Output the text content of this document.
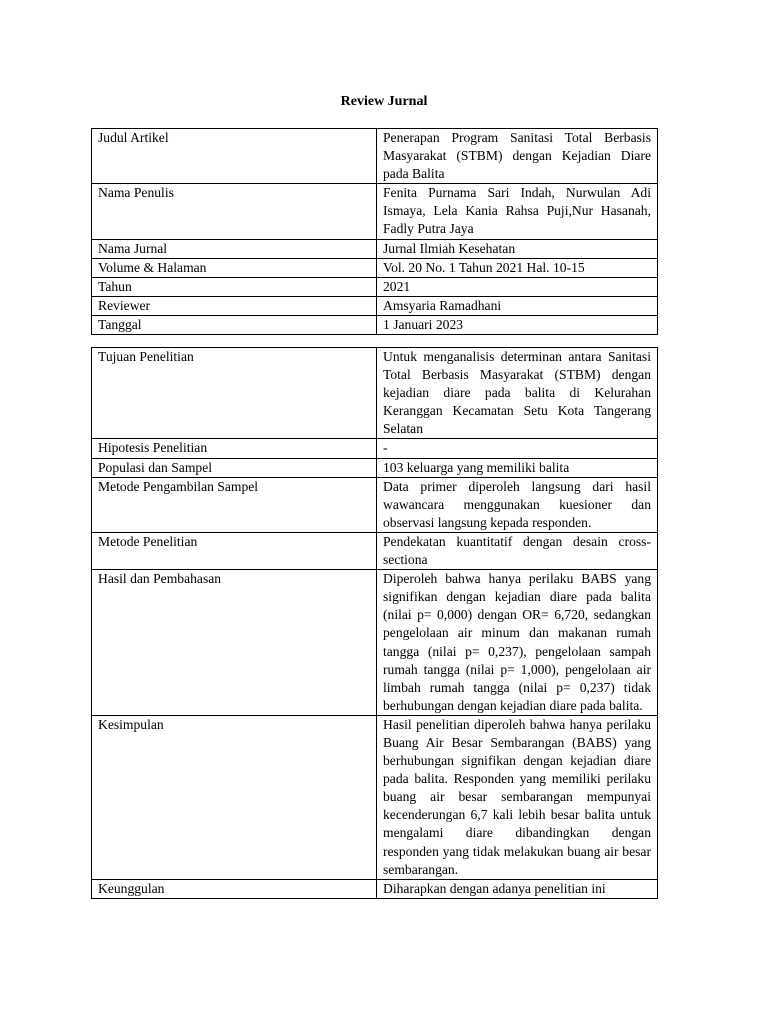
Review Jurnal
Judul Artikel	Penerapan Program Sanitasi Total Berbasis Masyarakat (STBM) dengan Kejadian Diare pada Balita
Nama Penulis	Fenita Purnama Sari Indah, Nurwulan Adi Ismaya, Lela Kania Rahsa Puji,Nur Hasanah, Fadly Putra Jaya
Nama Jurnal	Jurnal Ilmiah Kesehatan
Volume & Halaman	Vol. 20 No. 1 Tahun 2021 Hal. 10-15
Tahun	2021
Reviewer	Amsyaria Ramadhani
Tanggal	1 Januari 2023
Tujuan Penelitian	Untuk menganalisis determinan antara Sanitasi Total Berbasis Masyarakat (STBM) dengan kejadian diare pada balita di Kelurahan Keranggan Kecamatan Setu Kota Tangerang Selatan
Hipotesis Penelitian	-
Populasi dan Sampel	103 keluarga yang memiliki balita
Metode Pengambilan Sampel	Data primer diperoleh langsung dari hasil wawancara menggunakan kuesioner dan observasi langsung kepada responden.
Metode Penelitian	Pendekatan kuantitatif dengan desain cross-sectiona
Hasil dan Pembahasan	Diperoleh bahwa hanya perilaku BABS yang signifikan dengan kejadian diare pada balita (nilai p= 0,000) dengan OR= 6,720, sedangkan pengelolaan air minum dan makanan rumah tangga (nilai p= 0,237), pengelolaan sampah rumah tangga (nilai p= 1,000), pengelolaan air limbah rumah tangga (nilai p= 0,237) tidak berhubungan dengan kejadian diare pada balita.
Kesimpulan	Hasil penelitian diperoleh bahwa hanya perilaku Buang Air Besar Sembarangan (BABS) yang berhubungan signifikan dengan kejadian diare pada balita. Responden yang memiliki perilaku buang air besar sembarangan mempunyai kecenderungan 6,7 kali lebih besar balita untuk mengalami diare dibandingkan dengan responden yang tidak melakukan buang air besar sembarangan.
Keunggulan	Diharapkan dengan adanya penelitian ini
